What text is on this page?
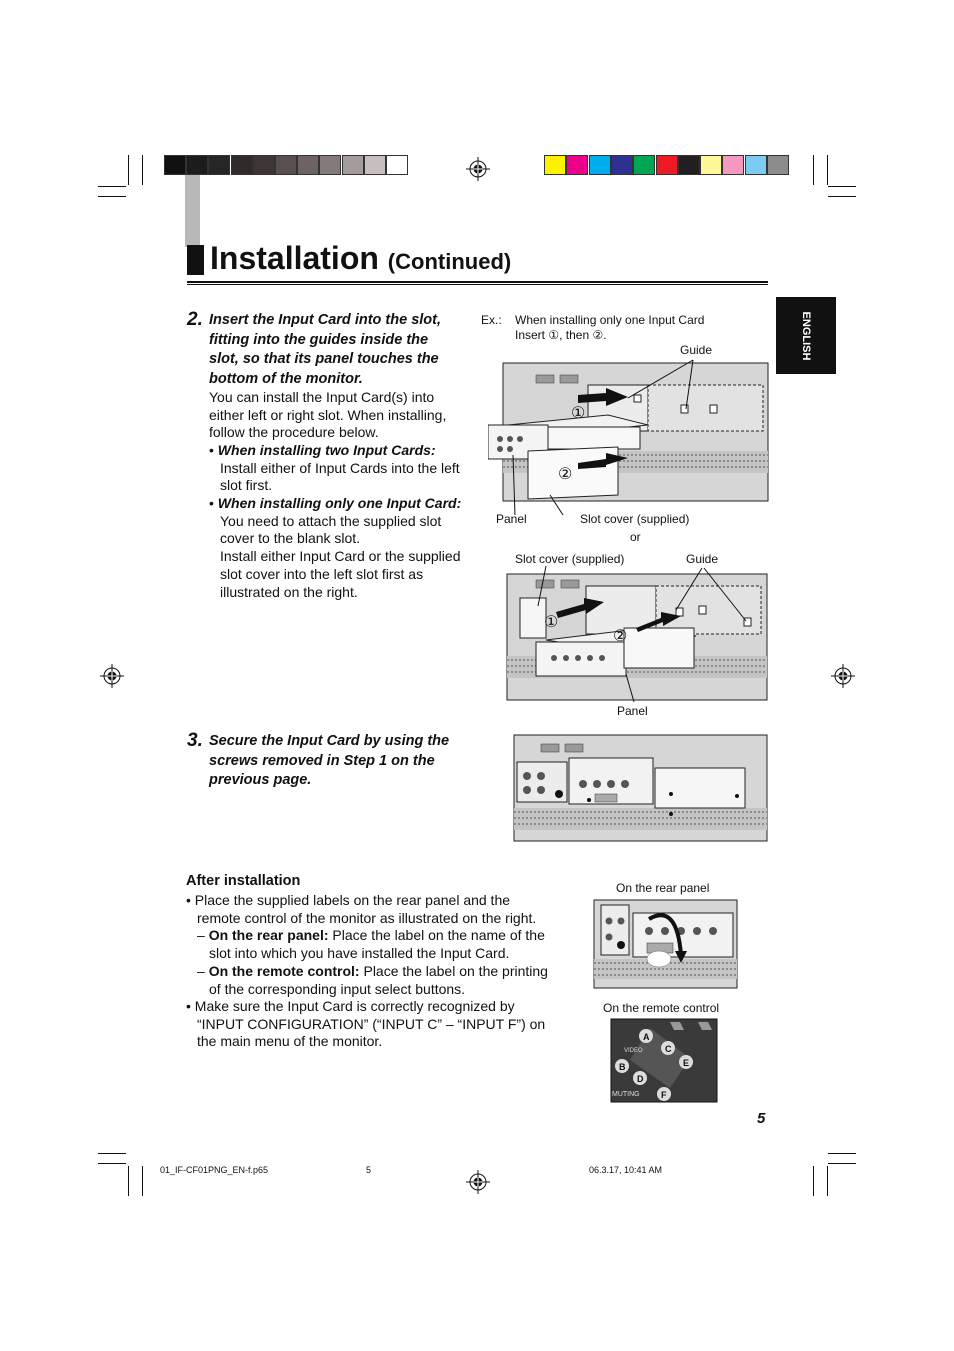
Installation (Continued)
ENGLISH
2. Insert the Input Card into the slot,
fitting into the guides inside the
slot, so that its panel touches the
bottom of the monitor.
You can install the Input Card(s) into
either left or right slot. When installing,
follow the procedure below.
• When installing two Input Cards:
Install either of Input Cards into the left
slot first.
• When installing only one Input Card:
You need to attach the supplied slot
cover to the blank slot.
Install either Input Card or the supplied
slot cover into the left slot first as
illustrated on the right.
Ex.: When installing only one Input Card
Insert ①, then ②.
Guide
①
②
Panel	Slot cover (supplied)
or
Slot cover (supplied)	Guide
①
②
Panel
3. Secure the Input Card by using the
screws removed in Step 1 on the
previous page.
After installation
• Place the supplied labels on the rear panel and the
remote control of the monitor as illustrated on the right.
– On the rear panel: Place the label on the name of the
slot into which you have installed the Input Card.
– On the remote control: Place the label on the printing
of the corresponding input select buttons.
• Make sure the Input Card is correctly recognized by
“INPUT CONFIGURATION” (“INPUT C” – “INPUT F”) on
the main menu of the monitor.
On the rear panel
On the remote control
A
B
C
D
E
F
MUTING
VIDEO
5
01_IF-CF01PNG_EN-f.p65	5	06.3.17, 10:41 AM
